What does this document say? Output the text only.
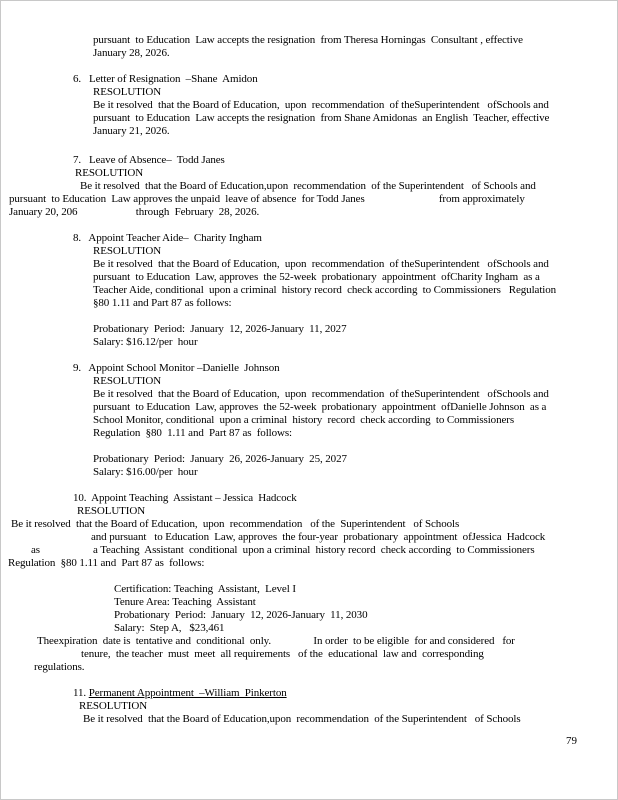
pursuant  to Education  Law accepts the resignation  from Theresa Horningas  Consultant , effective
January 28, 2026.
6.   Letter of Resignation  –Shane  Amidon
RESOLUTION
Be it resolved  that the Board of Education,  upon  recommendation  of theSuperintendent   ofSchools and
pursuant  to Education  Law accepts the resignation  from Shane Amidonas  an English  Teacher, effective
January 21, 2026.
7.   Leave of Absence–  Todd Janes
RESOLUTION
Be it resolved  that the Board of Education,upon  recommendation  of the Superintendent   of Schools and
pursuant  to Education  Law approves the unpaid  leave of absence  for Todd Janes                            from approximately
January 20, 206                      through  February  28, 2026.
8.   Appoint Teacher Aide–  Charity Ingham
RESOLUTION
Be it resolved  that the Board of Education,  upon  recommendation  of theSuperintendent   ofSchools and
pursuant  to Education  Law, approves  the 52-week  probationary  appointment  ofCharity Ingham  as a
Teacher Aide, conditional  upon a criminal  history record  check according  to Commissioners   Regulation
§80 1.11 and Part 87 as follows:
Probationary  Period:  January  12, 2026-January  11, 2027
Salary: $16.12/per  hour
9.   Appoint School Monitor –Danielle  Johnson
RESOLUTION
Be it resolved  that the Board of Education,  upon  recommendation  of theSuperintendent   ofSchools and
pursuant  to Education  Law, approves  the 52-week  probationary  appointment  ofDanielle Johnson  as a
School Monitor, conditional  upon a criminal  history  record  check according  to Commissioners
Regulation  §80  1.11 and  Part 87 as  follows:
Probationary  Period:  January  26, 2026-January  25, 2027
Salary: $16.00/per  hour
10.  Appoint Teaching  Assistant – Jessica  Hadcock
RESOLUTION
Be it resolved  that the Board of Education,  upon  recommendation   of the  Superintendent   of Schools
and pursuant   to Education  Law, approves  the four-year  probationary  appointment  ofJessica  Hadcock
as                    a Teaching  Assistant  conditional  upon a criminal  history record  check according  to Commissioners
Regulation  §80 1.11 and  Part 87 as  follows:
Certification: Teaching  Assistant,  Level I
Tenure Area: Teaching  Assistant
Probationary  Period:  January  12, 2026-January  11, 2030
Salary:  Step A,   $23,461
Theexpiration  date is  tentative and  conditional  only.                In order  to be eligible  for and considered   for
tenure,  the teacher  must  meet  all requirements   of the  educational  law and  corresponding
regulations.
11. Permanent Appointment  –William  Pinkerton
RESOLUTION
Be it resolved  that the Board of Education,upon  recommendation  of the Superintendent   of Schools
79
